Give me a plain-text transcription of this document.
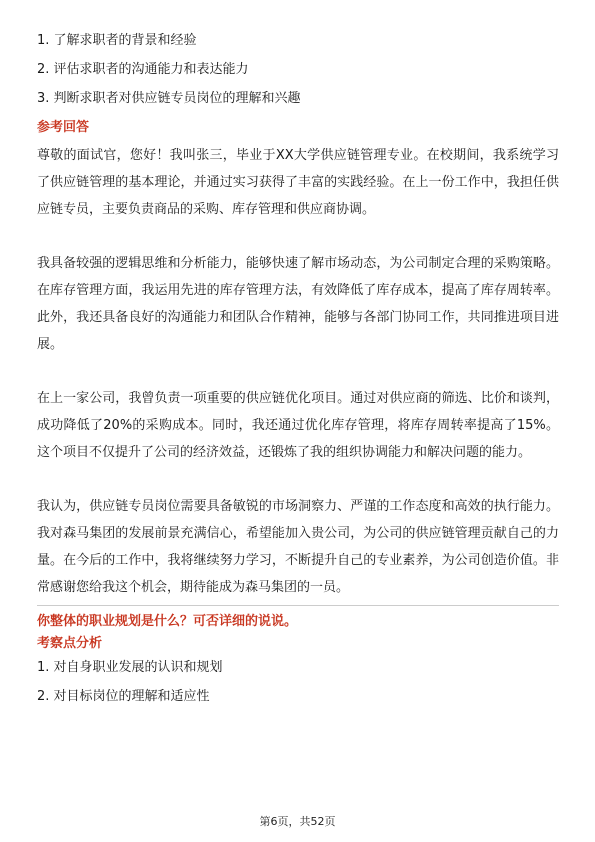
1. 了解求职者的背景和经验
2. 评估求职者的沟通能力和表达能力
3. 判断求职者对供应链专员岗位的理解和兴趣
参考回答

尊敬的面试官，您好！我叫张三，毕业于XX大学供应链管理专业。在校期间，我系统学习了供应链管理的基本理论，并通过实习获得了丰富的实践经验。在上一份工作中，我担任供应链专员，主要负责商品的采购、库存管理和供应商协调。

我具备较强的逻辑思维和分析能力，能够快速了解市场动态，为公司制定合理的采购策略。在库存管理方面，我运用先进的库存管理方法，有效降低了库存成本，提高了库存周转率。此外，我还具备良好的沟通能力和团队合作精神，能够与各部门协同工作，共同推进项目进展。

在上一家公司，我曾负责一项重要的供应链优化项目。通过对供应商的筛选、比价和谈判，成功降低了20%的采购成本。同时，我还通过优化库存管理，将库存周转率提高了15%。这个项目不仅提升了公司的经济效益，还锻炼了我的组织协调能力和解决问题的能力。

我认为，供应链专员岗位需要具备敏锐的市场洞察力、严谨的工作态度和高效的执行能力。我对森马集团的发展前景充满信心，希望能加入贵公司，为公司的供应链管理贡献自己的力量。在今后的工作中，我将继续努力学习，不断提升自己的专业素养，为公司创造价值。非常感谢您给我这个机会，期待能成为森马集团的一员。

你整体的职业规划是什么？可否详细的说说。
考察点分析
1. 对自身职业发展的认识和规划
2. 对目标岗位的理解和适应性
第6页，共52页
